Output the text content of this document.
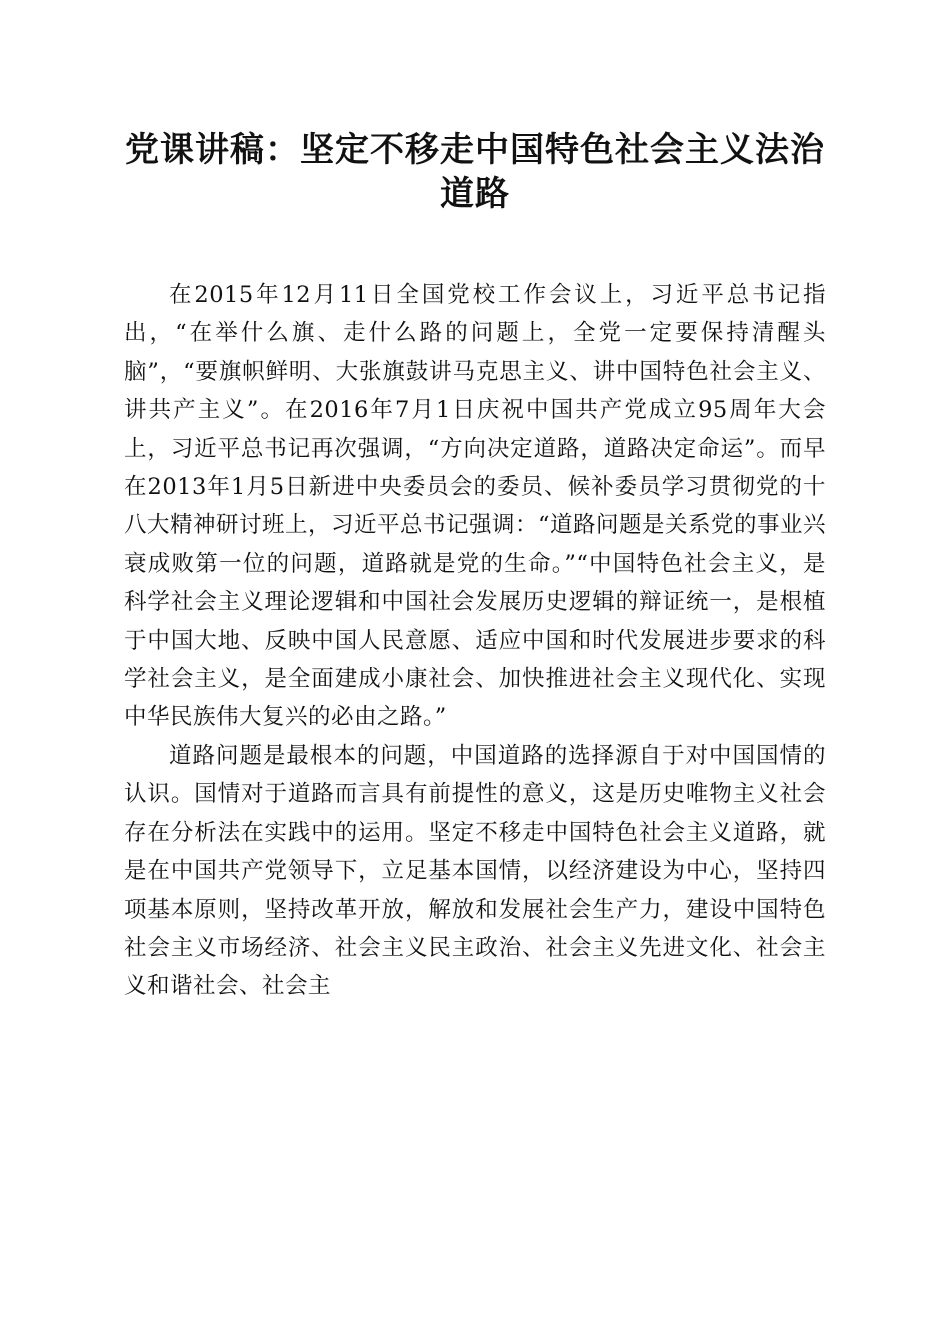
党课讲稿：坚定不移走中国特色社会主义法治
道路

在2015年12月11日全国党校工作会议上，习近平总书记指出，“在举什么旗、走什么路的问题上，全党一定要保持清醒头脑”，“要旗帜鲜明、大张旗鼓讲马克思主义、讲中国特色社会主义、讲共产主义”。在2016年7月1日庆祝中国共产党成立95周年大会上，习近平总书记再次强调，“方向决定道路，道路决定命运”。而早在2013年1月5日新进中央委员会的委员、候补委员学习贯彻党的十八大精神研讨班上，习近平总书记强调：“道路问题是关系党的事业兴衰成败第一位的问题，道路就是党的生命。”“中国特色社会主义，是科学社会主义理论逻辑和中国社会发展历史逻辑的辩证统一，是根植于中国大地、反映中国人民意愿、适应中国和时代发展进步要求的科学社会主义，是全面建成小康社会、加快推进社会主义现代化、实现中华民族伟大复兴的必由之路。”

道路问题是最根本的问题，中国道路的选择源自于对中国国情的认识。国情对于道路而言具有前提性的意义，这是历史唯物主义社会存在分析法在实践中的运用。坚定不移走中国特色社会主义道路，就是在中国共产党领导下，立足基本国情，以经济建设为中心，坚持四项基本原则，坚持改革开放，解放和发展社会生产力，建设中国特色社会主义市场经济、社会主义民主政治、社会主义先进文化、社会主义和谐社会、社会主
